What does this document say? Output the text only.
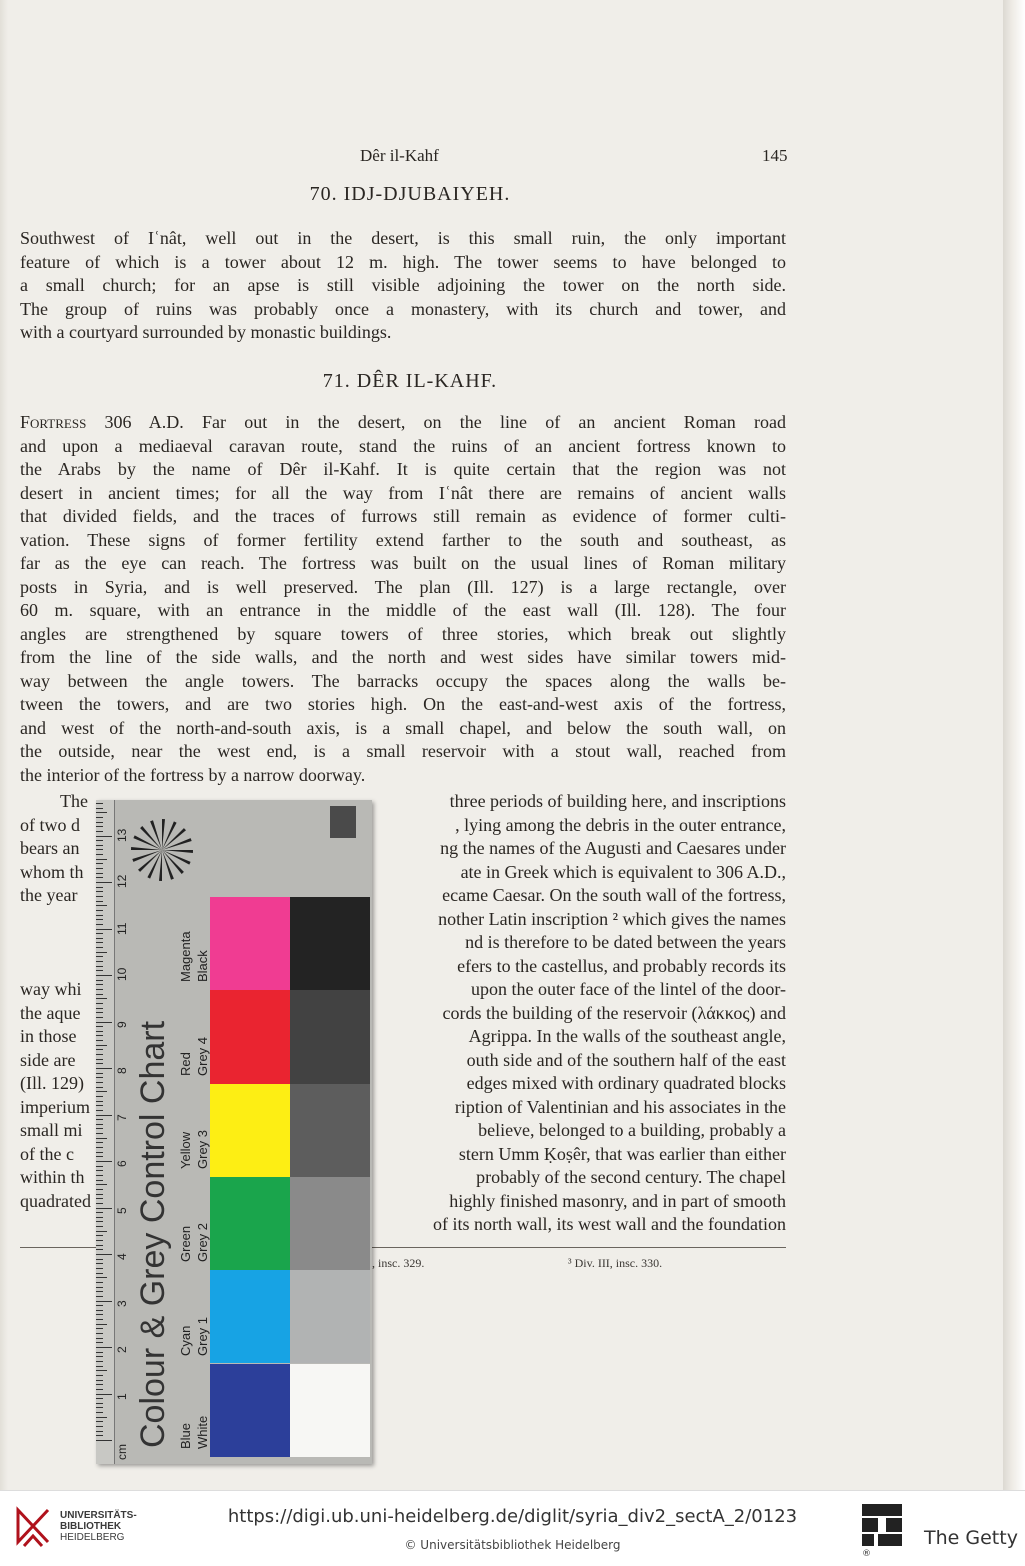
Dêr il-Kahf	145
70. IDJ-DJUBAIYEH.
Southwest of Iʿnât, well out in the desert, is this small ruin, the only important
feature of which is a tower about 12 m. high. The tower seems to have belonged to
a small church; for an apse is still visible adjoining the tower on the north side.
The group of ruins was probably once a monastery, with its church and tower, and
with a courtyard surrounded by monastic buildings.
71. DÊR IL-KAHF.
Fortress 306 A.D. Far out in the desert, on the line of an ancient Roman road
and upon a mediaeval caravan route, stand the ruins of an ancient fortress known to
the Arabs by the name of Dêr il-Kahf. It is quite certain that the region was not
desert in ancient times; for all the way from Iʿnât there are remains of ancient walls
that divided fields, and the traces of furrows still remain as evidence of former culti-
vation. These signs of former fertility extend farther to the south and southeast, as
far as the eye can reach. The fortress was built on the usual lines of Roman military
posts in Syria, and is well preserved. The plan (Ill. 127) is a large rectangle, over
60 m. square, with an entrance in the middle of the east wall (Ill. 128). The four
angles are strengthened by square towers of three stories, which break out slightly
from the line of the side walls, and the north and west sides have similar towers mid-
way between the angle towers. The barracks occupy the spaces along the walls be-
tween the towers, and are two stories high. On the east-and-west axis of the fortress,
and west of the north-and-south axis, is a small chapel, and below the south wall, on
the outside, near the west end, is a small reservoir with a stout wall, reached from
the interior of the fortress by a narrow doorway.
The
of two d
bears an
whom th
the year
way whi
the aque
in those
side are
(Ill. 129)
imperium
small mi
of the c
within th
quadrated
three periods of building here, and inscriptions
, lying among the debris in the outer entrance,
ng the names of the Augusti and Caesares under
ate in Greek which is equivalent to 306 A.D.,
ecame Caesar. On the south wall of the fortress,
nother Latin inscription ² which gives the names
nd is therefore to be dated between the years
efers to the castellus, and probably records its
upon the outer face of the lintel of the door-
cords the building of the reservoir (λάκκος) and
Agrippa. In the walls of the southeast angle,
outh side and of the southern half of the east
edges mixed with ordinary quadrated blocks
ription of Valentinian and his associates in the
believe, belonged to a building, probably a
stern Umm Ḳoṣêr, that was earlier than either
probably of the second century. The chapel
highly finished masonry, and in part of smooth
of its north wall, its west wall and the foundation
, insc. 329.	³ Div. III, insc. 330.
cm
1
2
3
4
5
6
7
8
9
10
11
12
13
Colour & Grey Control Chart
Magenta Black
Red Grey 4
Yellow Grey 3
Green Grey 2
Cyan Grey 1
Blue White
UNIVERSITÄTS-
BIBLIOTHEK
HEIDELBERG
https://digi.ub.uni-heidelberg.de/diglit/syria_div2_sectA_2/0123
© Universitätsbibliothek Heidelberg
®
The Getty
